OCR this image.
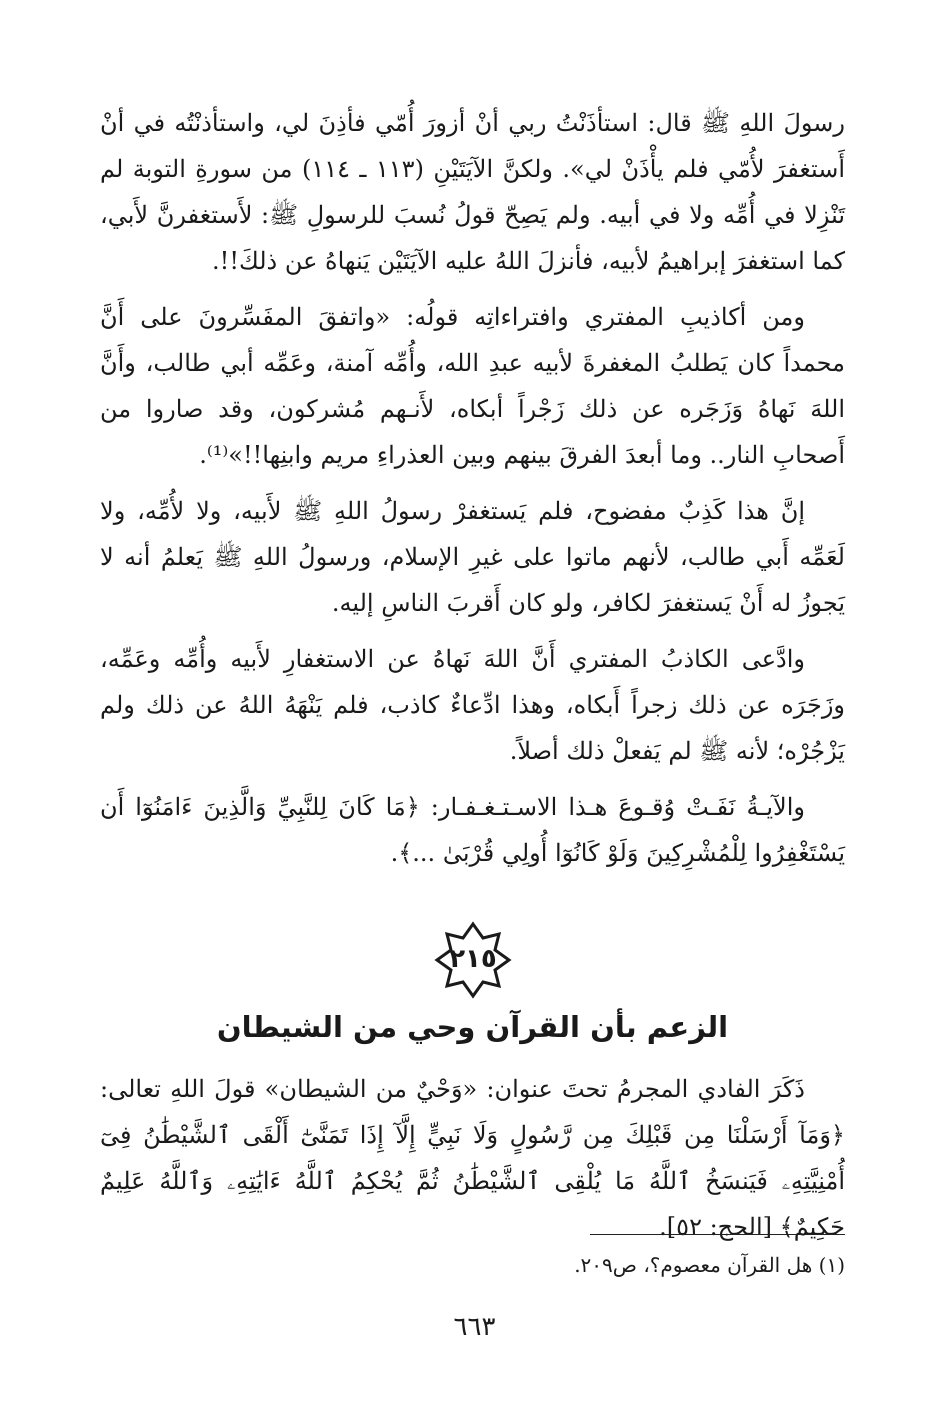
رسولَ اللهِ ﷺ قال: استأذَنْتُ ربي أنْ أزورَ أُمّي فأذِنَ لي، واستأذنْتُه في أنْ أَستغفرَ لأُمّي فلم يأْذَنْ لي». ولكنَّ الآيَتَيْنِ (١١٣ ـ ١١٤) من سورةِ التوبة لم تَنْزِلا في أُمِّه ولا في أبيه. ولم يَصِحّ قولُ نُسبَ للرسولِ ﷺ: لأَستغفرنَّ لأَبي، كما استغفرَ إبراهيمُ لأبيه، فأنزلَ اللهُ عليه الآيَتَيْن يَنهاهُ عن ذلكَ!!.

ومن أكاذيبِ المفتري وافتراءاتِه قولُه: «واتفقَ المفَسِّرونَ على أَنَّ محمداً كان يَطلبُ المغفرةَ لأبيه عبدِ الله، وأُمِّه آمنة، وعَمِّه أبي طالب، وأَنَّ اللهَ نَهاهُ وَزَجَره عن ذلك زَجْراً أبكاه، لأَنـهم مُشركون، وقد صاروا من أَصحابِ النار.. وما أبعدَ الفرقَ بينهم وبين العذراءِ مريم وابنِها!!»⁽¹⁾.

إنَّ هذا كَذِبٌ مفضوح، فلم يَستغفرْ رسولُ اللهِ ﷺ لأَبيه، ولا لأُمِّه، ولا لَعَمِّه أَبي طالب، لأنهم ماتوا على غيرِ الإسلام، ورسولُ اللهِ ﷺ يَعلمُ أنه لا يَجوزُ له أَنْ يَستغفرَ لكافر، ولو كان أَقربَ الناسِ إليه.

وادَّعى الكاذبُ المفتري أَنَّ اللهَ نَهاهُ عن الاستغفارِ لأَبيه وأُمِّه وعَمِّه، وزَجَرَه عن ذلك زجراً أَبكاه، وهذا ادِّعاءٌ كاذب، فلم يَنْهَهُ اللهُ عن ذلك ولم يَزْجُرْه؛ لأنه ﷺ لم يَفعلْ ذلك أصلاً.

والآيـةُ نَفَـتْ وُقـوعَ هـذا الاسـتـغـفـار: ﴿مَا كَانَ لِلنَّبِيِّ وَالَّذِينَ ءَامَنُوٓا أَن يَسْتَغْفِرُوا لِلْمُشْرِكِينَ وَلَوْ كَانُوٓا أُولِي قُرْبَىٰ ...﴾.

٢١٥
الزعم بأن القرآن وحي من الشيطان

ذَكَرَ الفادي المجرمُ تحتَ عنوان: «وَحْيٌ من الشيطان» قولَ اللهِ تعالى: ﴿وَمَآ أَرْسَلْنَا مِن قَبْلِكَ مِن رَّسُولٍ وَلَا نَبِيٍّ إِلَّآ إِذَا تَمَنَّىٰٓ أَلْقَى ٱلشَّيْطَٰنُ فِىٓ أُمْنِيَّتِهِۦ فَيَنسَخُ ٱللَّهُ مَا يُلْقِى ٱلشَّيْطَٰنُ ثُمَّ يُحْكِمُ ٱللَّهُ ءَايَٰتِهِۦ وَٱللَّهُ عَلِيمٌ حَكِيمٌ﴾ [الحج: ٥٢].

(١) هل القرآن معصوم؟، ص٢٠٩.
٦٦٣
